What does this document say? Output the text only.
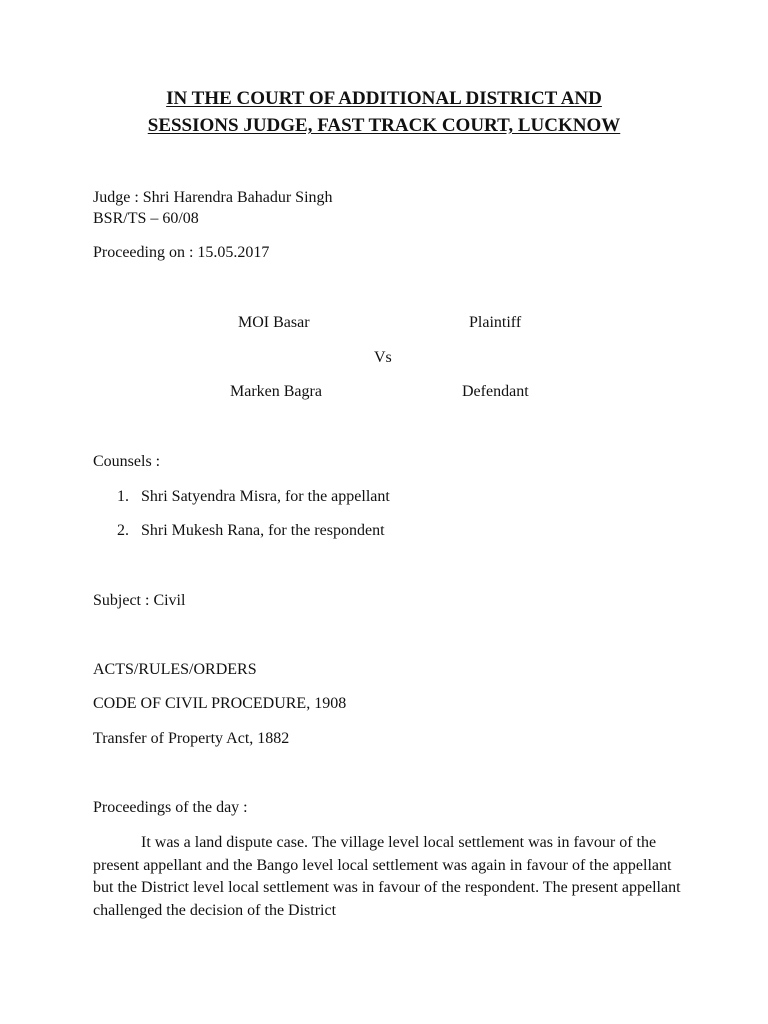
IN THE COURT OF ADDITIONAL DISTRICT AND
SESSIONS JUDGE, FAST TRACK COURT, LUCKNOW
Judge : Shri Harendra Bahadur Singh
BSR/TS – 60/08
Proceeding on : 15.05.2017
MOI Basar	Plaintiff
Vs
Marken Bagra	Defendant
Counsels :
1. Shri Satyendra Misra, for the appellant
2. Shri Mukesh Rana, for the respondent
Subject : Civil
ACTS/RULES/ORDERS
CODE OF CIVIL PROCEDURE, 1908
Transfer of Property Act, 1882
Proceedings of the day :
It was a land dispute case. The village level local settlement was in favour of the present appellant and the Bango level local settlement was again in favour of the appellant but the District level local settlement was in favour of the respondent. The present appellant challenged the decision of the District
